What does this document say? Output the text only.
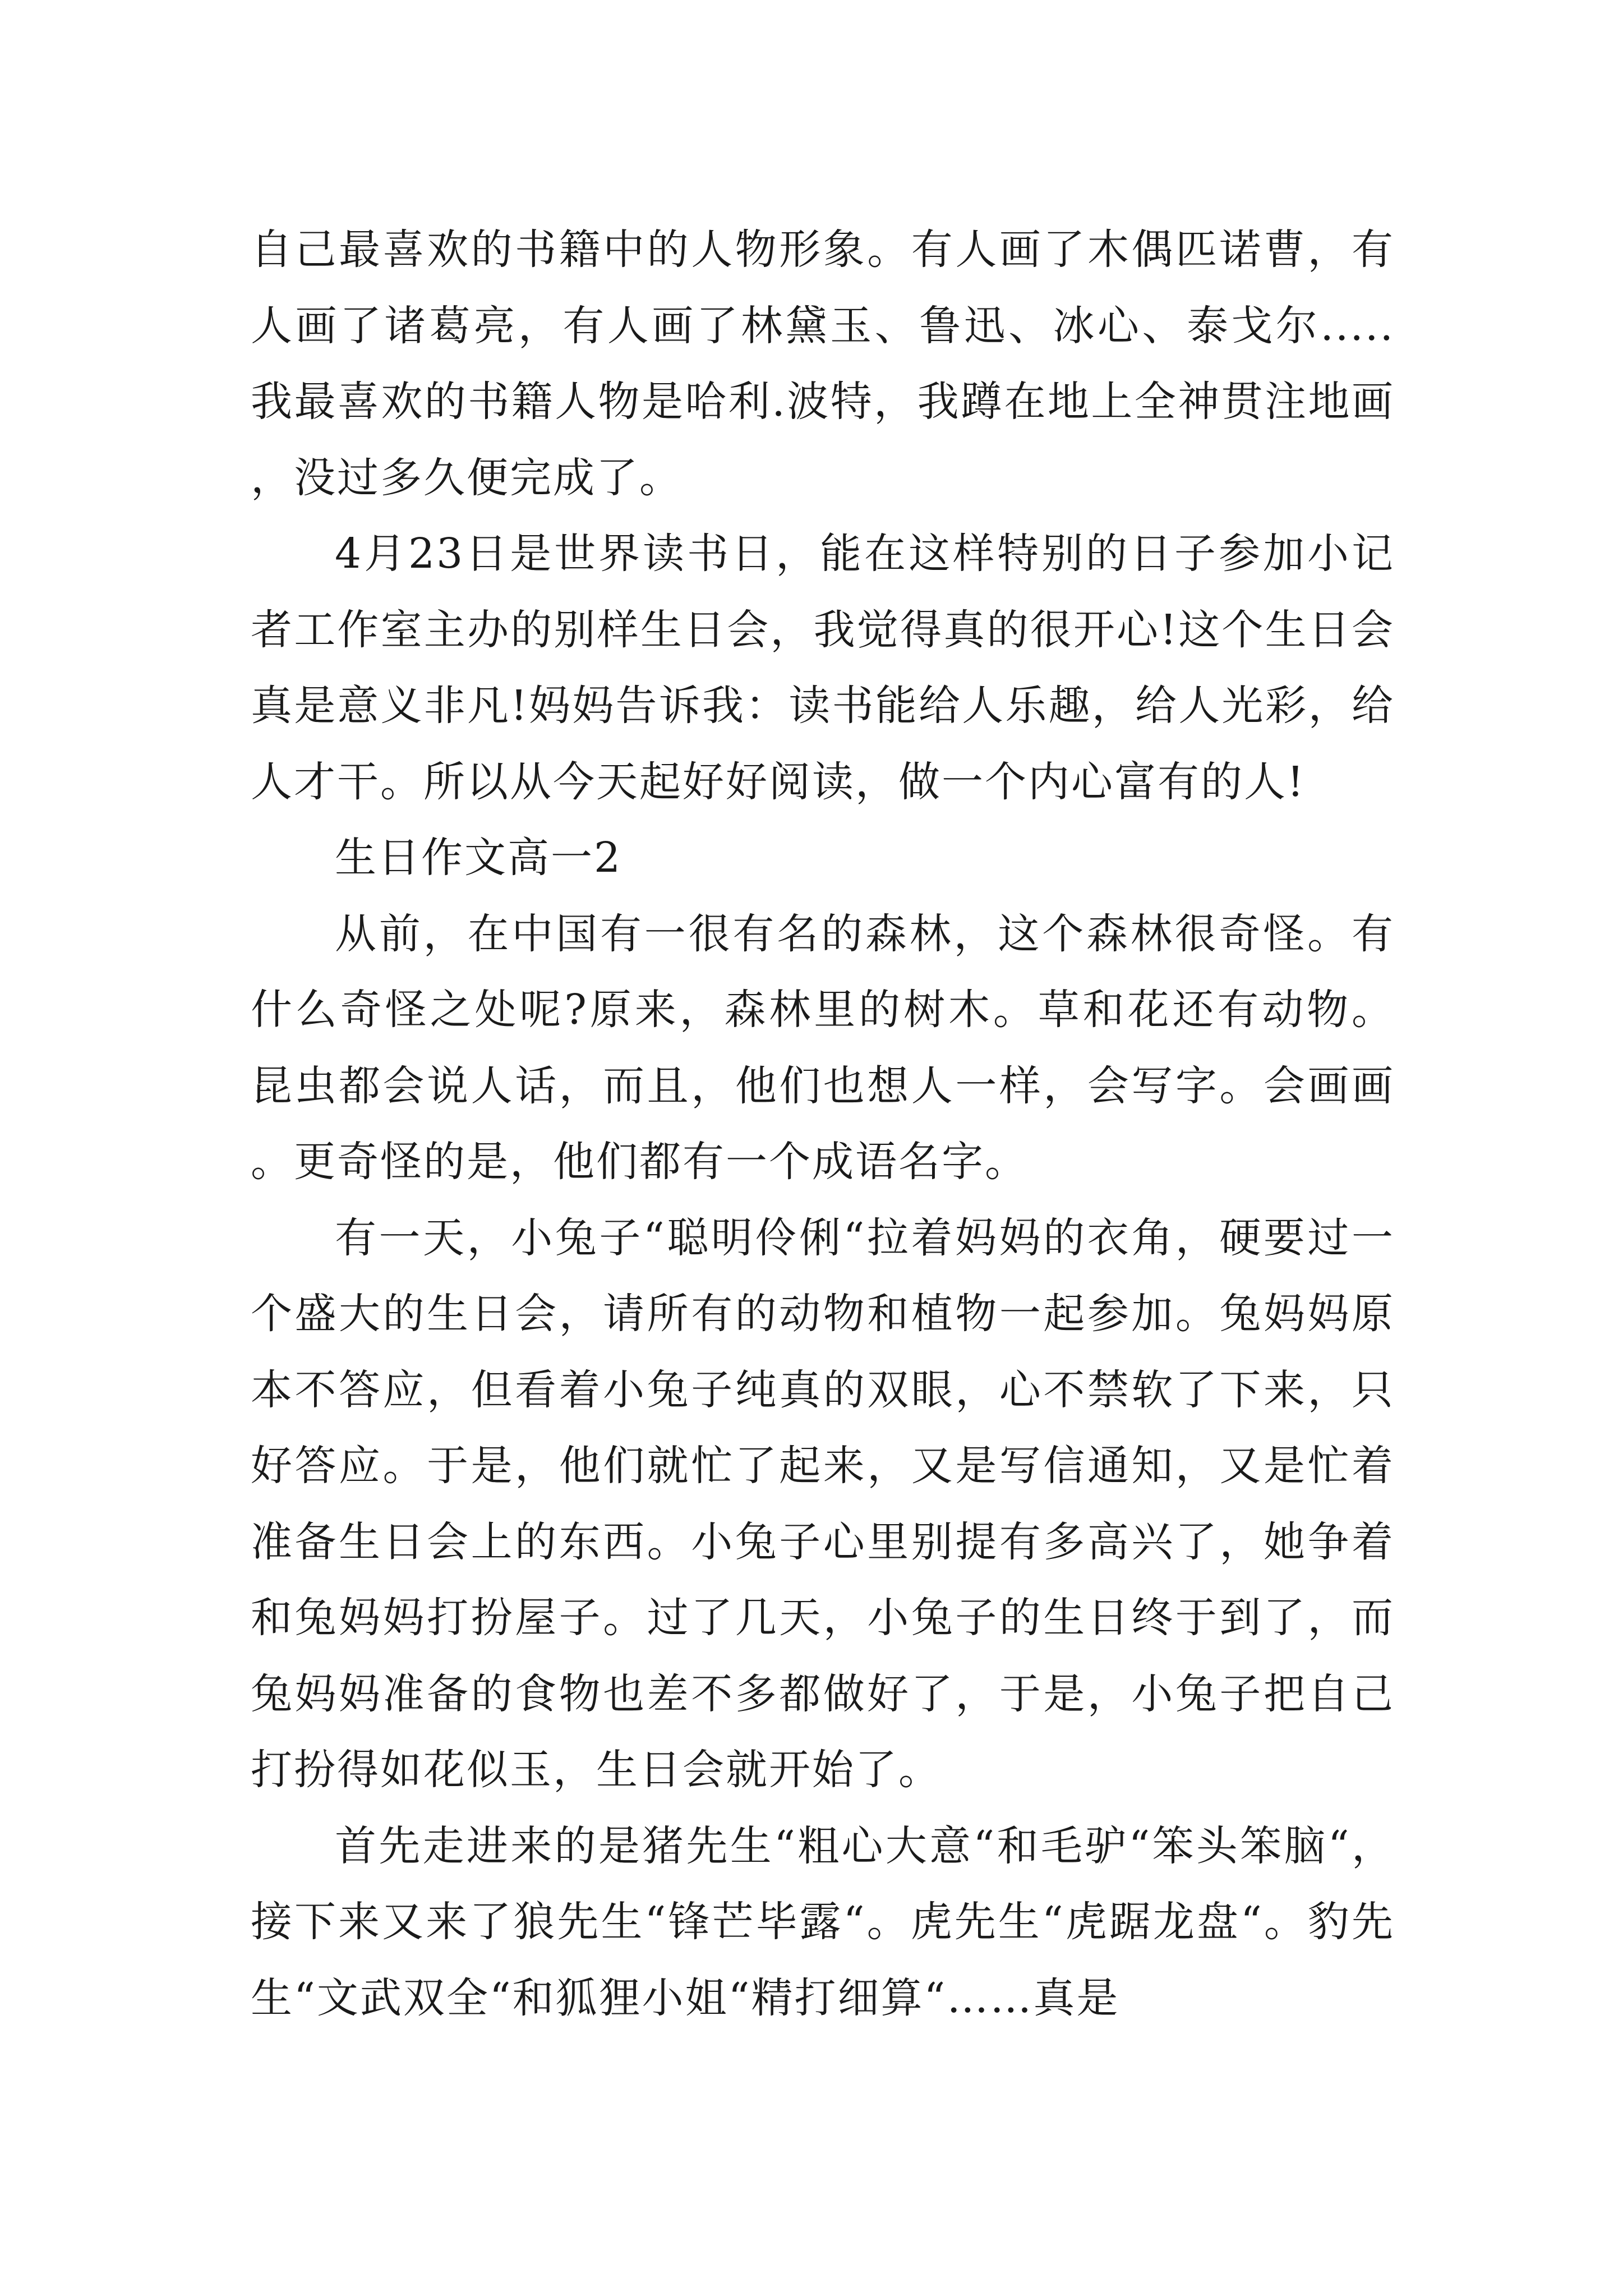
自己最喜欢的书籍中的人物形象。有人画了木偶匹诺曹，有人画了诸葛亮，有人画了林黛玉、鲁迅、冰心、泰戈尔.....我最喜欢的书籍人物是哈利.波特，我蹲在地上全神贯注地画，没过多久便完成了。

4月23日是世界读书日，能在这样特别的日子参加小记者工作室主办的别样生日会，我觉得真的很开心!这个生日会真是意义非凡!妈妈告诉我：读书能给人乐趣，给人光彩，给人才干。所以从今天起好好阅读，做一个内心富有的人!

生日作文高一2

从前，在中国有一很有名的森林，这个森林很奇怪。有什么奇怪之处呢?原来，森林里的树木。草和花还有动物。昆虫都会说人话，而且，他们也想人一样，会写字。会画画。更奇怪的是，他们都有一个成语名字。

有一天，小兔子“聪明伶俐“拉着妈妈的衣角，硬要过一个盛大的生日会，请所有的动物和植物一起参加。兔妈妈原本不答应，但看着小兔子纯真的双眼，心不禁软了下来，只好答应。于是，他们就忙了起来，又是写信通知，又是忙着准备生日会上的东西。小兔子心里别提有多高兴了，她争着和兔妈妈打扮屋子。过了几天，小兔子的生日终于到了，而兔妈妈准备的食物也差不多都做好了，于是，小兔子把自己打扮得如花似玉，生日会就开始了。

首先走进来的是猪先生“粗心大意“和毛驴“笨头笨脑“，接下来又来了狼先生“锋芒毕露“。虎先生“虎踞龙盘“。豹先生“文武双全“和狐狸小姐“精打细算“……真是
